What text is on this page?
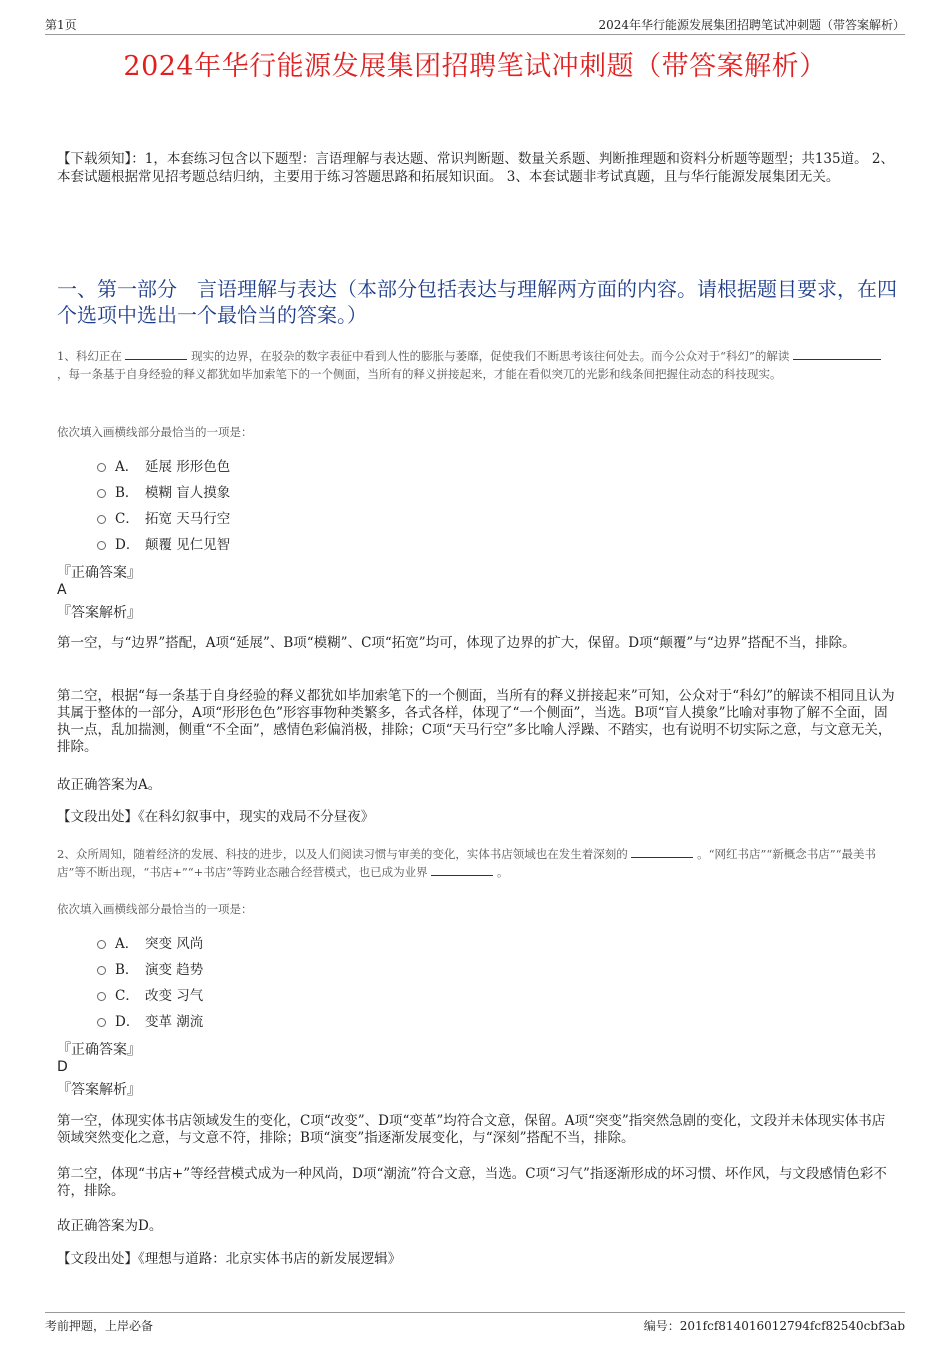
第1页	2024年华行能源发展集团招聘笔试冲刺题（带答案解析）
2024年华行能源发展集团招聘笔试冲刺题（带答案解析）
【下载须知】：1，本套练习包含以下题型：言语理解与表达题、常识判断题、数量关系题、判断推理题和资料分析题等题型；共135道。 2、本套试题根据常见招考题总结归纳，主要用于练习答题思路和拓展知识面。 3、本套试题非考试真题，且与华行能源发展集团无关。
一、第一部分　言语理解与表达（本部分包括表达与理解两方面的内容。请根据题目要求，在四个选项中选出一个最恰当的答案。）
1、科幻正在	现实的边界，在驳杂的数字表征中看到人性的膨胀与萎靡，促使我们不断思考该往何处去。而今公众对于“科幻”的解读  ，每一条基于自身经验的释义都犹如毕加索笔下的一个侧面，当所有的释义拼接起来，才能在看似突兀的光影和线条间把握住动态的科技现实。
依次填入画横线部分最恰当的一项是：
A． 延展 形形色色
B． 模糊 盲人摸象
C． 拓宽 天马行空
D． 颠覆 见仁见智
『正确答案』
A
『答案解析』
第一空，与“边界”搭配，A项“延展”、B项“模糊”、C项“拓宽”均可，体现了边界的扩大，保留。D项“颠覆”与“边界”搭配不当，排除。
第二空，根据“每一条基于自身经验的释义都犹如毕加索笔下的一个侧面，当所有的释义拼接起来”可知，公众对于“科幻”的解读不相同且认为其属于整体的一部分，A项“形形色色”形容事物种类繁多，各式各样，体现了“一个侧面”，当选。B项“盲人摸象”比喻对事物了解不全面，固执一点，乱加揣测，侧重“不全面”，感情色彩偏消极，排除；C项“天马行空”多比喻人浮躁、不踏实，也有说明不切实际之意，与文意无关，排除。
故正确答案为A。
【文段出处】《在科幻叙事中，现实的戏局不分昼夜》
2、众所周知，随着经济的发展、科技的进步，以及人们阅读习惯与审美的变化，实体书店领域也在发生着深刻的	。“网红书店”“新概念书店”“最美书店”等不断出现，“书店+”“+书店”等跨业态融合经营模式，也已成为业界	。
依次填入画横线部分最恰当的一项是：
A． 突变 风尚
B． 演变 趋势
C． 改变 习气
D． 变革 潮流
『正确答案』
D
『答案解析』
第一空，体现实体书店领域发生的变化，C项“改变”、D项“变革”均符合文意，保留。A项“突变”指突然急剧的变化，文段并未体现实体书店领域突然变化之意，与文意不符，排除；B项“演变”指逐渐发展变化，与“深刻”搭配不当，排除。
第二空，体现“书店+”等经营模式成为一种风尚，D项“潮流”符合文意，当选。C项“习气”指逐渐形成的坏习惯、坏作风，与文段感情色彩不符，排除。
故正确答案为D。
【文段出处】《理想与道路：北京实体书店的新发展逻辑》
考前押题，上岸必备	编号：201fcf814016012794fcf82540cbf3ab
